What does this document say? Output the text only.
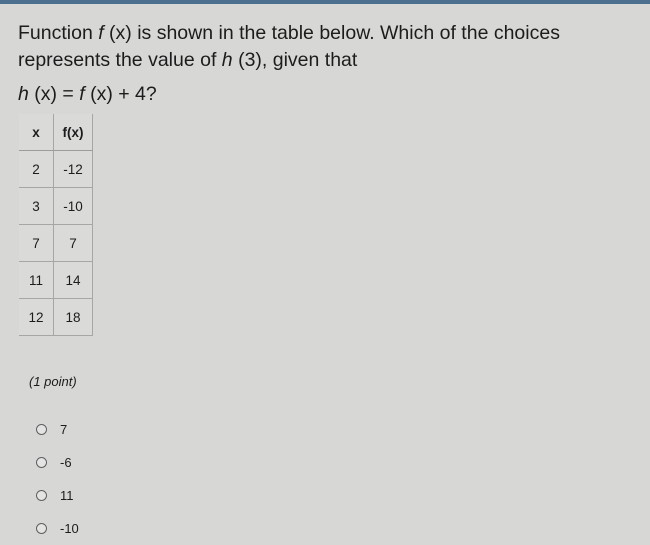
Function f (x) is shown in the table below. Which of the choices
represents the value of h (3), given that
h (x) = f (x) + 4?
x	f(x)
2	-12
3	-10
7	7
11	14
12	18
(1 point)
7
-6
11
-10
